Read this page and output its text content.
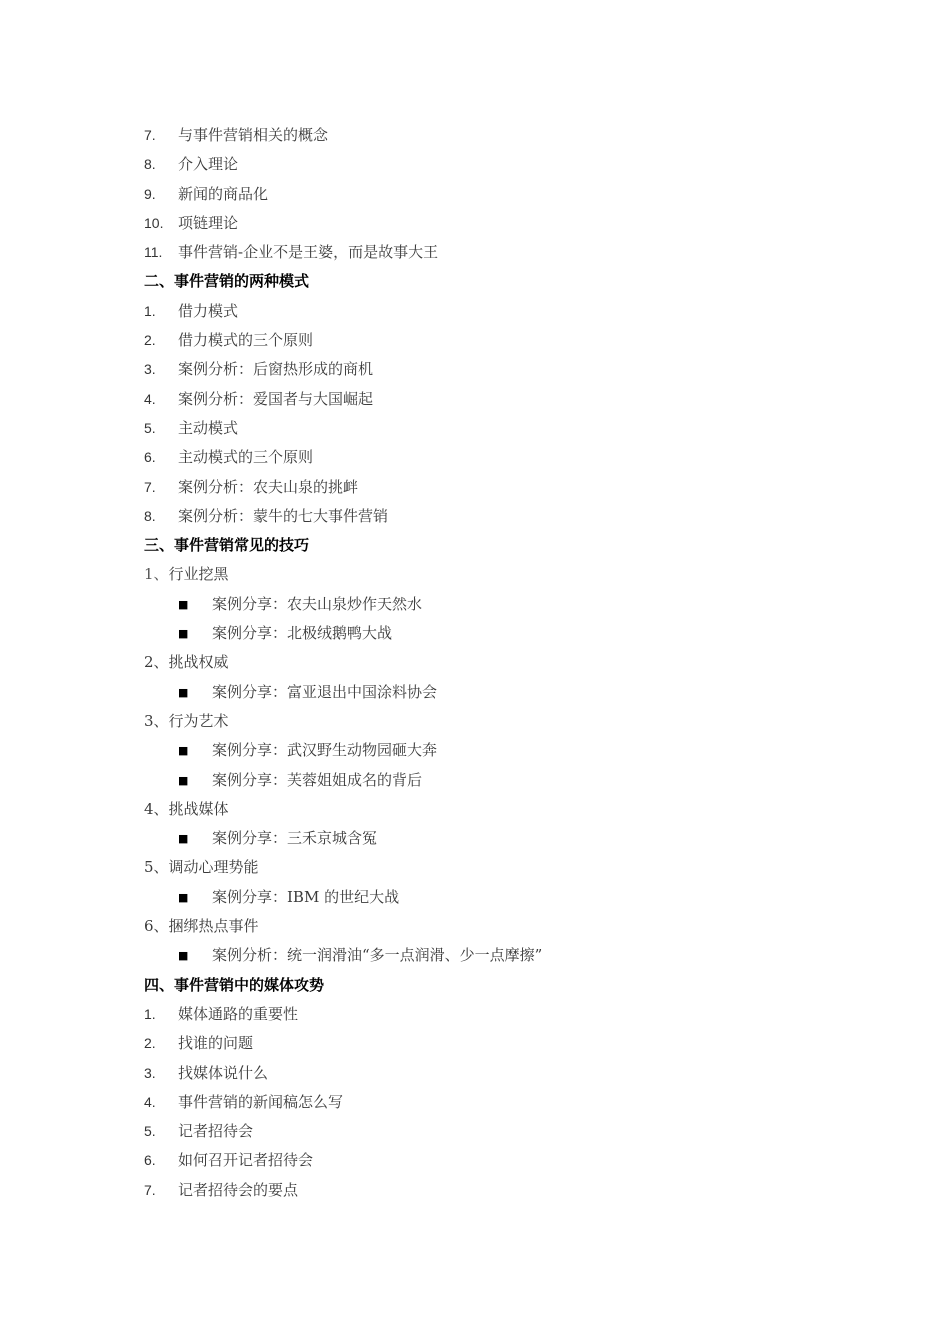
7. 与事件营销相关的概念
8. 介入理论
9. 新闻的商品化
10. 项链理论
11. 事件营销-企业不是王婆，而是故事大王
二、事件营销的两种模式
1. 借力模式
2. 借力模式的三个原则
3. 案例分析：后窗热形成的商机
4. 案例分析：爱国者与大国崛起
5. 主动模式
6. 主动模式的三个原则
7. 案例分析：农夫山泉的挑衅
8. 案例分析：蒙牛的七大事件营销
三、事件营销常见的技巧
1、行业挖黑
■ 案例分享：农夫山泉炒作天然水
■ 案例分享：北极绒鹅鸭大战
2、挑战权威
■ 案例分享：富亚退出中国涂料协会
3、行为艺术
■ 案例分享：武汉野生动物园砸大奔
■ 案例分享：芙蓉姐姐成名的背后
4、挑战媒体
■ 案例分享：三禾京城含冤
5、调动心理势能
■ 案例分享：IBM 的世纪大战
6、捆绑热点事件
■ 案例分析：统一润滑油“多一点润滑、少一点摩擦”
四、事件营销中的媒体攻势
1. 媒体通路的重要性
2. 找谁的问题
3. 找媒体说什么
4. 事件营销的新闻稿怎么写
5. 记者招待会
6. 如何召开记者招待会
7. 记者招待会的要点
